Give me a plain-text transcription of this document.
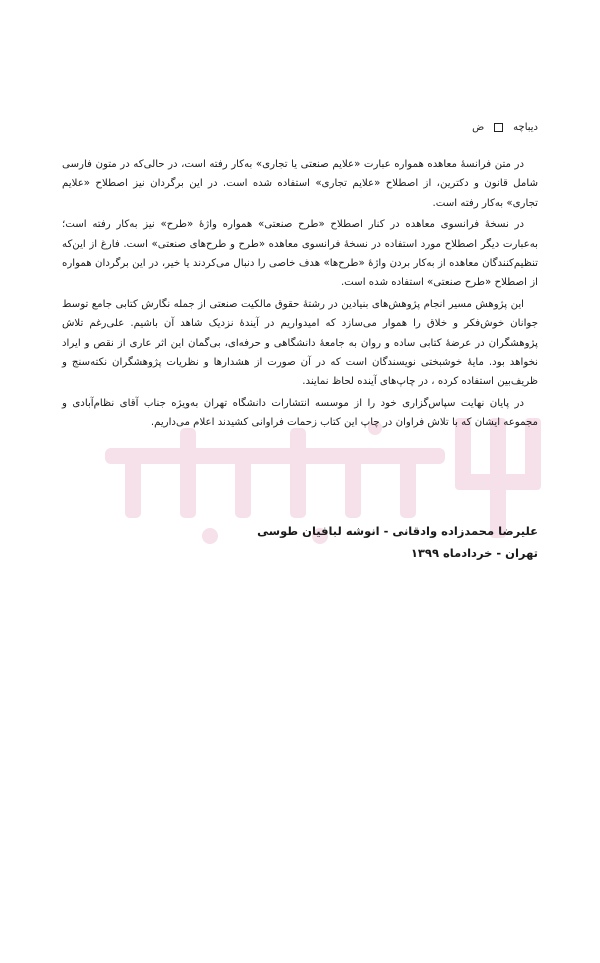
دیباچه
ض

در متن فرانسهٔ معاهده همواره عبارت «علایم صنعتی یا تجاری» به‌کار رفته است، در حالی‌که در متون فارسی شامل قانون و دکترین، از اصطلاح «علایم تجاری» استفاده شده است. در این برگردان نیز اصطلاح «علایم تجاری» به‌کار رفته است.

در نسخهٔ فرانسوی معاهده در کنار اصطلاح «طرح صنعتی» همواره واژهٔ «طرح» نیز به‌کار رفته است؛ به‌عبارت دیگر اصطلاح مورد استفاده در نسخهٔ فرانسوی معاهده «طرح و طرح‌های صنعتی» است. فارغ از این‌که تنظیم‌کنندگان معاهده از به‌کار بردن واژهٔ «طرح‌ها» هدف خاصی را دنبال می‌کردند یا خیر، در این برگردان همواره از اصطلاح «طرح صنعتی» استفاده شده است.

این پژوهش مسیر انجام پژوهش‌های بنیادین در رشتهٔ حقوق مالکیت صنعتی از جمله نگارش کتابی جامع توسط جوانان خوش‌فکر و خلاق را هموار می‌سازد که امیدواریم در آیندهٔ نزدیک شاهد آن باشیم. علی‌رغم تلاش پژوهشگران در عرضهٔ کتابی ساده و روان به جامعهٔ دانشگاهی و حرفه‌ای، بی‌گمان این اثر عاری از نقص و ایراد نخواهد بود. مایهٔ خوشبختی نویسندگان است که در آن صورت از هشدارها و نظریات پژوهشگران نکته‌سنج و ظریف‌بین استفاده کرده ، در چاپ‌های آینده لحاظ نمایند.

در پایان نهایت سپاس‌گزاری خود را از موسسه انتشارات دانشگاه تهران به‌ویژه جناب آقای نظام‌آبادی و مجموعه ایشان که با تلاش فراوان در چاپ این کتاب زحمات فراوانی کشیدند اعلام می‌داریم.

علیرضا محمدزاده وادقانی - انوشه لبافیان طوسی
تهران - خردادماه ۱۳۹۹
